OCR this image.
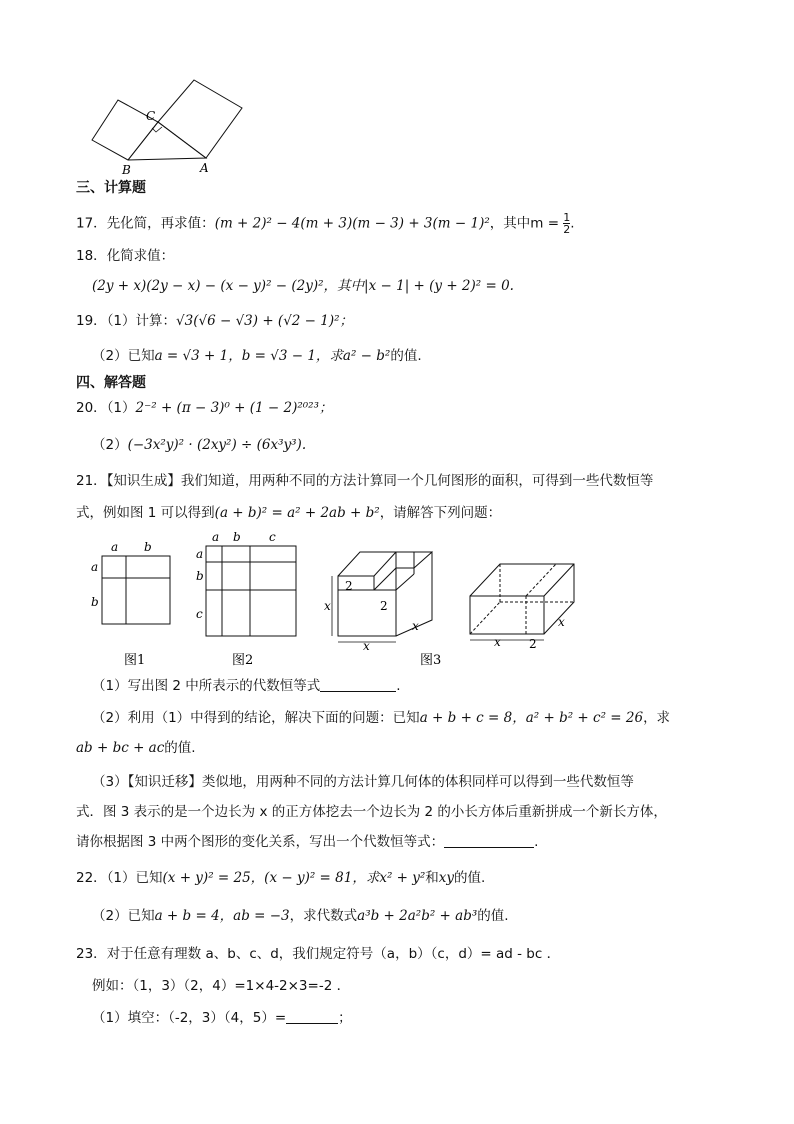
C
B	A
三、计算题
17．先化简，再求值：(m + 2)² − 4(m + 3)(m − 3) + 3(m − 1)²，其中$m = \frac{1}{2}$ .
18．化简求值：
(2y + x)(2y − x) − (x − y)² − (2y)²，其中|x − 1| + (y + 2)² = 0.
19．（1）计算：√3(√6 − √3) + (√2 − 1)²；
（2）已知a = √3 + 1，b = √3 − 1，求a² − b²的值.
四、解答题
20．（1）2⁻² + (π − 3)⁰ + (1 − 2)²⁰²³；
（2）(−3x²y)² · (2xy²) ÷ (6x³y³).
21．【知识生成】我们知道，用两种不同的方法计算同一个几何图形的面积，可得到一些代数恒等
式，例如图 1 可以得到(a + b)² = a² + 2ab + b²，请解答下列问题：
a b
a
b
图1
a b c
a
b
c
图2
2
2
x
x
x
x 2
x
图3
（1）写出图 2 中所表示的代数恒等式	.
（2）利用（1）中得到的结论，解决下面的问题：已知a + b + c = 8，a² + b² + c² = 26，求
ab + bc + ac的值.
（3）【知识迁移】类似地，用两种不同的方法计算几何体的体积同样可以得到一些代数恒等
式．图 3 表示的是一个边长为 x 的正方体挖去一个边长为 2 的小长方体后重新拼成一个新长方体，
请你根据图 3 中两个图形的变化关系，写出一个代数恒等式：	.
22．（1）已知(x + y)² = 25，(x − y)² = 81，求x² + y²和xy的值.
（2）已知a + b = 4，ab = −3，求代数式a³b + 2a²b² + ab³的值.
23．对于任意有理数 a、b、c、d，我们规定符号（a，b）（c，d）= ad - bc ．
例如：（1，3）（2，4）=1×4-2×3=-2 ．
（1）填空：（-2，3）（4，5）=	；
